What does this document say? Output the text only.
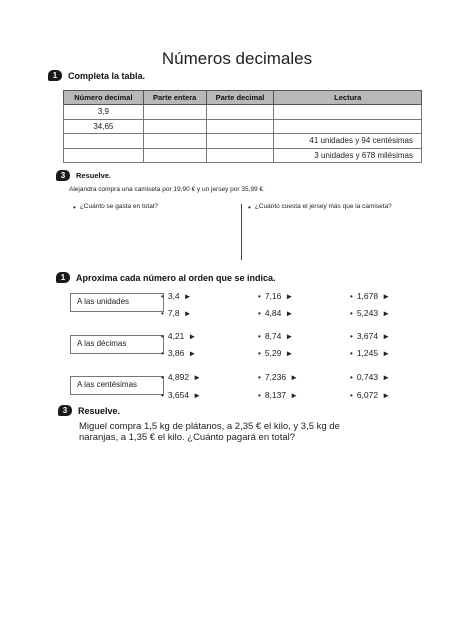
Números decimales
1	Completa la tabla.
Número decimal	Parte entera	Parte decimal	Lectura
3,9			
34,65			
			41 unidades y 94 centésimas
			3 unidades y 678 milésimas
3	Resuelve.
Alejandra compra una camiseta por 19,90 € y un jersey por 35,99 €.
• ¿Cuánto se gasta en total?	• ¿Cuánto cuesta el jersey más que la camiseta?
1	Aproxima cada número al orden que se indica.
A las unidades
• 3,4 ►	• 7,16 ►	• 1,678 ►
• 7,8 ►	• 4,84 ►	• 5,243 ►
A las décimas
• 4,21 ►	• 8,74 ►	• 3,674 ►
• 3,86 ►	• 5,29 ►	• 1,245 ►
A las centésimas
• 4,892 ►	• 7,236 ►	• 0,743 ►
• 3,654 ►	• 8,137 ►	• 6,072 ►
3	Resuelve.
Miguel compra 1,5 kg de plátanos, a 2,35 € el kilo, y 3,5 kg de naranjas, a 1,35 € el kilo. ¿Cuánto pagará en total?
